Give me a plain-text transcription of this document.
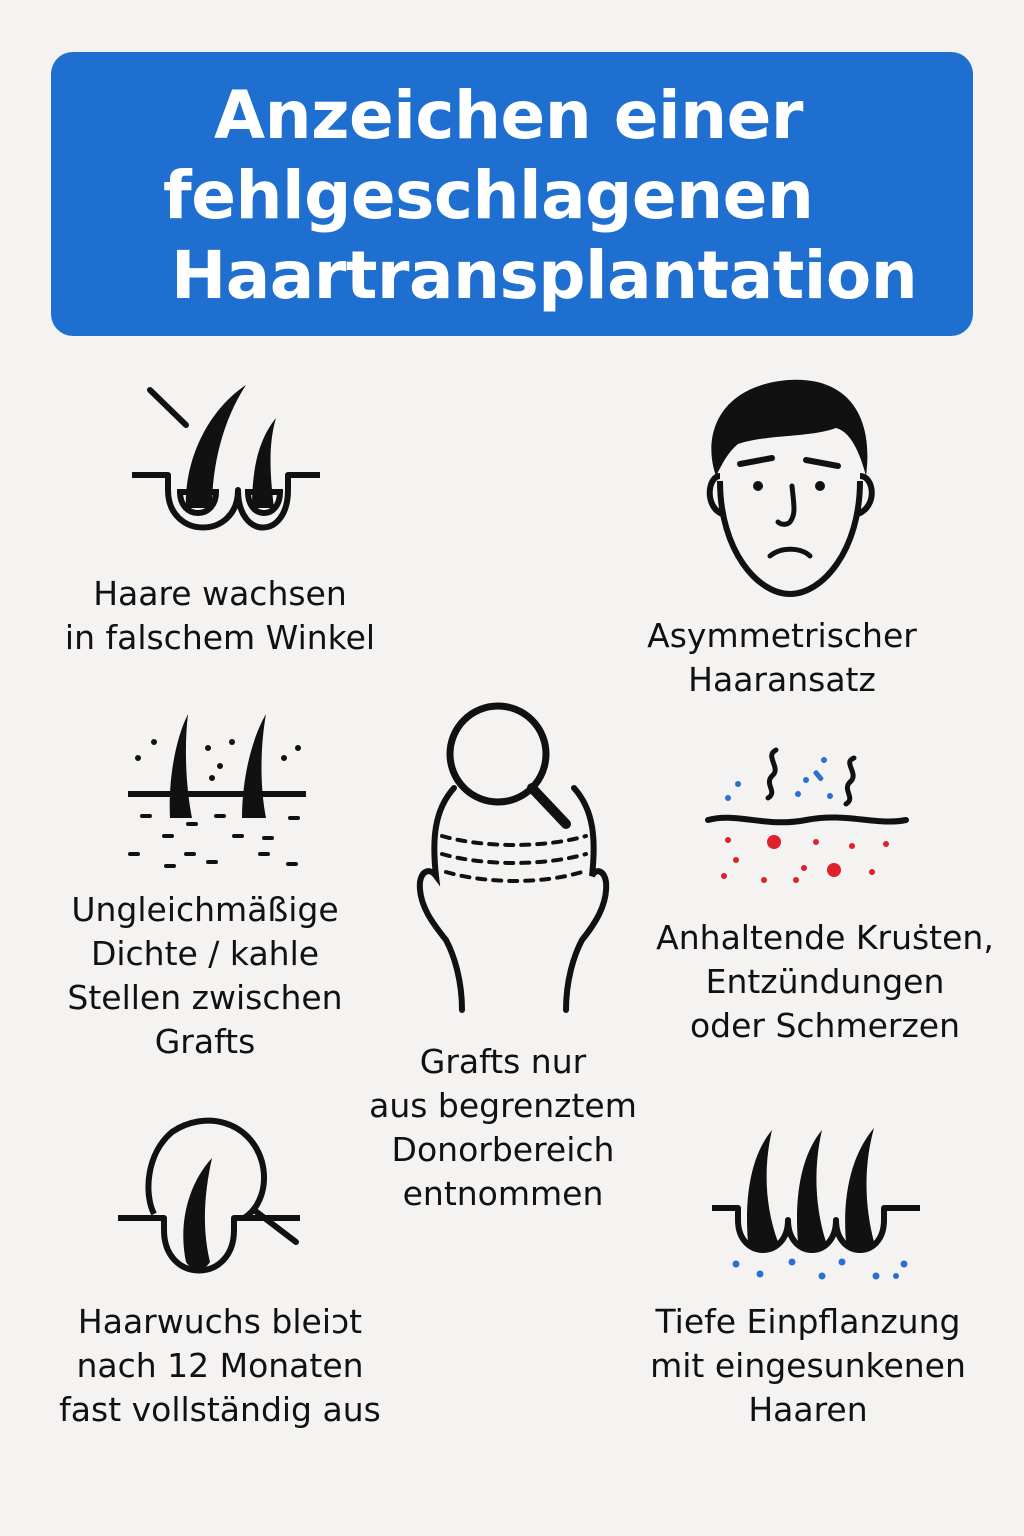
Anzeichen einer
fehlgeschlagenen
Haartransplantation
Haare wachsen
in falschem Winkel	Asymmetrischer
Haaransatz
Ungleichmäßige
Dichte / kahle
Stellen zwischen
Grafts
Grafts nur
aus begrenztem
Donorbereich
entnommen
Anhaltende Kruṡten,
Entzündungen
oder Schmerzen
Haarwuchs bleiɔt
nach 12 Monaten
fast vollständig aus
Tiefe Einpflanzung
mit eingesunkenen
Haaren
